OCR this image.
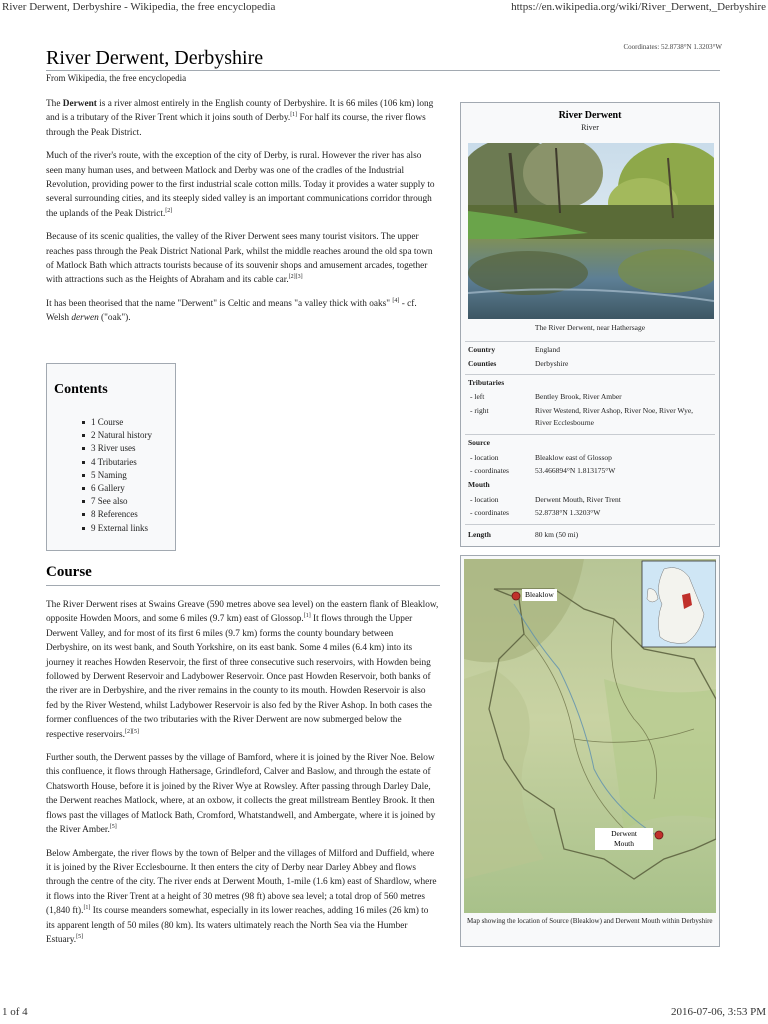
River Derwent, Derbyshire - Wikipedia, the free encyclopedia	https://en.wikipedia.org/wiki/River_Derwent,_Derbyshire
Coordinates: 52.8738°N 1.3203°W
River Derwent, Derbyshire
From Wikipedia, the free encyclopedia

The Derwent is a river almost entirely in the English county of Derbyshire. It is 66 miles (106 km) long and is a tributary of the River Trent which it joins south of Derby.[1] For half its course, the river flows through the Peak District.

Much of the river's route, with the exception of the city of Derby, is rural. However the river has also seen many human uses, and between Matlock and Derby was one of the cradles of the Industrial Revolution, providing power to the first industrial scale cotton mills. Today it provides a water supply to several surrounding cities, and its steeply sided valley is an important communications corridor through the uplands of the Peak District.[2]

Because of its scenic qualities, the valley of the River Derwent sees many tourist visitors. The upper reaches pass through the Peak District National Park, whilst the middle reaches around the old spa town of Matlock Bath which attracts tourists because of its souvenir shops and amusement arcades, together with attractions such as the Heights of Abraham and its cable car.[2][3]

It has been theorised that the name "Derwent" is Celtic and means "a valley thick with oaks" [4] - cf. Welsh derwen ("oak").

Contents
1 Course
2 Natural history
3 River uses
4 Tributaries
5 Naming
6 Gallery
7 See also
8 References
9 External links
Course

The River Derwent rises at Swains Greave (590 metres above sea level) on the eastern flank of Bleaklow, opposite Howden Moors, and some 6 miles (9.7 km) east of Glossop.[1] It flows through the Upper Derwent Valley, and for most of its first 6 miles (9.7 km) forms the county boundary between Derbyshire, on its west bank, and South Yorkshire, on its east bank. Some 4 miles (6.4 km) into its journey it reaches Howden Reservoir, the first of three consecutive such reservoirs, with Howden being followed by Derwent Reservoir and Ladybower Reservoir. Once past Howden Reservoir, both banks of the river are in Derbyshire, and the river remains in the county to its mouth. Howden Reservoir is also fed by the River Westend, whilst Ladybower Reservoir is also fed by the River Ashop. In both cases the former confluences of the two tributaries with the River Derwent are now submerged below the respective reservoirs.[2][5]

Further south, the Derwent passes by the village of Bamford, where it is joined by the River Noe. Below this confluence, it flows through Hathersage, Grindleford, Calver and Baslow, and through the estate of Chatsworth House, before it is joined by the River Wye at Rowsley. After passing through Darley Dale, the Derwent reaches Matlock, where, at an oxbow, it collects the great millstream Bentley Brook. It then flows past the villages of Matlock Bath, Cromford, Whatstandwell, and Ambergate, where it is joined by the River Amber.[5]

Below Ambergate, the river flows by the town of Belper and the villages of Milford and Duffield, where it is joined by the River Ecclesbourne. It then enters the city of Derby near Darley Abbey and flows through the centre of the city. The river ends at Derwent Mouth, 1-mile (1.6 km) east of Shardlow, where it flows into the River Trent at a height of 30 metres (98 ft) above sea level; a total drop of 560 metres (1,840 ft).[1] Its course meanders somewhat, especially in its lower reaches, adding 16 miles (26 km) to its apparent length of 50 miles (80 km). Its waters ultimately reach the North Sea via the Humber Estuary.[5]

River Derwent
River
The River Derwent, near Hathersage
Country	England
Counties	Derbyshire
Tributaries
- left	Bentley Brook, River Amber
- right	River Westend, River Ashop, River Noe, River Wye, River Ecclesbourne
Source
- location	Bleaklow east of Glossop
- coordinates	53.466894°N 1.813175°W
Mouth
- location	Derwent Mouth, River Trent
- coordinates	52.8738°N 1.3203°W
Length	80 km (50 mi)
Bleaklow
Derwent
Mouth
Map showing the location of Source (Bleaklow) and Derwent Mouth within Derbyshire
1 of 4	2016-07-06, 3:53 PM
